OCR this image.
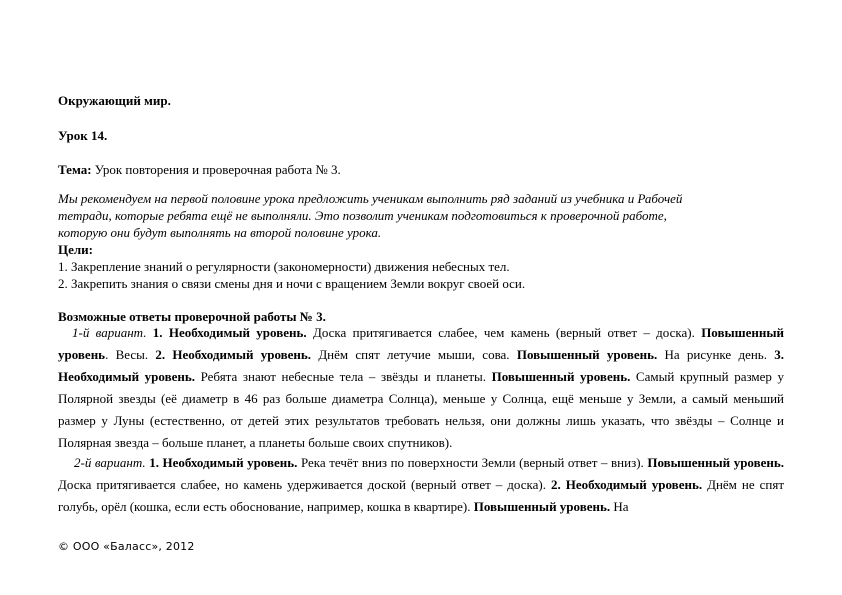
Окружающий мир.
Урок 14.
Тема: Урок повторения и проверочная работа № 3.
Мы рекомендуем на первой половине урока предложить ученикам выполнить ряд заданий из учебника и Рабочей
тетради, которые ребята ещё не выполняли. Это позволит ученикам подготовиться к проверочной работе,
которую они будут выполнять на второй половине урока.
Цели:
1. Закрепление знаний о регулярности (закономерности) движения небесных тел.
2. Закрепить знания о связи смены дня и ночи с вращением Земли вокруг своей оси.
Возможные ответы проверочной работы № 3.
1-й вариант. 1. Необходимый уровень. Доска притягивается слабее, чем камень (верный ответ – доска). Повышенный уровень. Весы. 2. Необходимый уровень. Днём спят летучие мыши, сова. Повышенный уровень. На рисунке день. 3. Необходимый уровень. Ребята знают небесные тела – звёзды и планеты. Повышенный уровень. Самый крупный размер у Полярной звезды (её диаметр в 46 раз больше диаметра Солнца), меньше у Солнца, ещё меньше у Земли, а самый меньший размер у Луны (естественно, от детей этих результатов требовать нельзя, они должны лишь указать, что звёзды – Солнце и Полярная звезда – больше планет, а планеты больше своих спутников).
2-й вариант. 1. Необходимый уровень. Река течёт вниз по поверхности Земли (верный ответ – вниз). Повышенный уровень. Доска притягивается слабее, но камень удерживается доской (верный ответ – доска). 2. Необходимый уровень. Днём не спят голубь, орёл (кошка, если есть обоснование, например, кошка в квартире). Повышенный уровень. На
© ООО «Баласс», 2012
